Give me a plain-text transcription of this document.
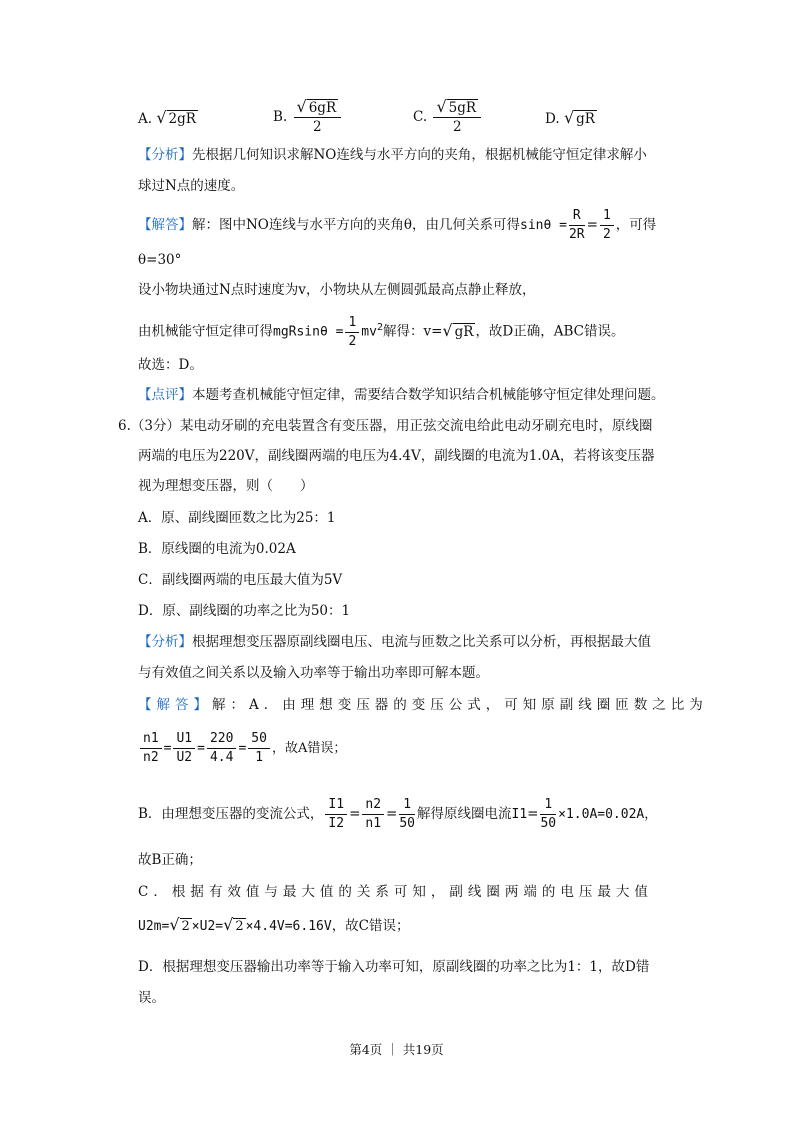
A. √ 2gR	B. $\frac{√ 6gR}{2}$	C. $\frac{√ 5gR}{2}$	D. √ gR
【分析】先根据几何知识求解NO连线与水平方向的夹角，根据机械能守恒定律求解小
球过N点的速度。
【解答】解：图中NO连线与水平方向的夹角θ，由几何关系可得$\sin\theta = \frac{R}{2R} = \frac{1}{2}$ ，可得
θ=30°
设小物块通过N点时速度为v，小物块从左侧圆弧最高点静止释放，
由机械能守恒定律可得$mgRsin\theta = \frac{1}{2} mv^2$解得：v=√ gR ，故D正确，ABC错误。
故选：D。
【点评】本题考查机械能守恒定律，需要结合数学知识结合机械能够守恒定律处理问题。
6.（3分）某电动牙刷的充电装置含有变压器，用正弦交流电给此电动牙刷充电时，原线圈
两端的电压为220V，副线圈两端的电压为4.4V，副线圈的电流为1.0A，若将该变压器
视为理想变压器，则（　　）
A．原、副线圈匝数之比为25：1
B．原线圈的电流为0.02A
C．副线圈两端的电压最大值为5V
D．原、副线圈的功率之比为50：1
【分析】根据理想变压器原副线圈电压、电流与匝数之比关系可以分析，再根据最大值
与有效值之间关系以及输入功率等于输出功率即可解本题。
【解答】解：A．由理想变压器的变压公式，可知原副线圈匝数之比为
$\frac{n1}{n2} = \frac{U1}{U2} = \frac{220}{4.4} = \frac{50}{1}$ ，故A错误；
B．由理想变压器的变流公式， $\frac{I1}{I2} = \frac{n2}{n1} = \frac{1}{50}$ 解得原线圈电流$I1= \frac{1}{50} \times 1.0A=0.02A$，
故B正确；
C．根据有效值与最大值的关系可知，副线圈两端的电压最大值
U2m=√ 2 ×U2=√ 2 ×4.4V=6.16V，故C错误；
D．根据理想变压器输出功率等于输入功率可知，原副线圈的功率之比为1：1，故D错
误。
第4页 ｜ 共19页
